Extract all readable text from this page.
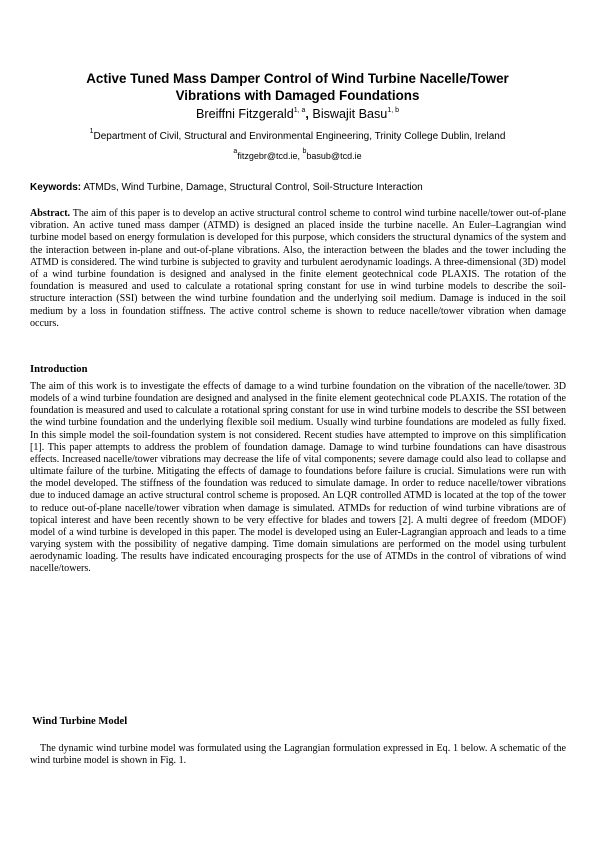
Active Tuned Mass Damper Control of Wind Turbine Nacelle/Tower
Vibrations with Damaged Foundations
Breiffni Fitzgerald$^{1, a}$, Biswajit Basu$^{1, b}$
$^1$Department of Civil, Structural and Environmental Engineering, Trinity College Dublin, Ireland
$^a$fitzgebr@tcd.ie, $^b$basub@tcd.ie
Keywords: ATMDs, Wind Turbine, Damage, Structural Control, Soil-Structure Interaction
Abstract. The aim of this paper is to develop an active structural control scheme to control wind turbine nacelle/tower out-of-plane vibration. An active tuned mass damper (ATMD) is designed an placed inside the turbine nacelle. An Euler–Lagrangian wind turbine model based on energy formulation is developed for this purpose, which considers the structural dynamics of the system and the interaction between in-plane and out-of-plane vibrations. Also, the interaction between the blades and the tower including the ATMD is considered. The wind turbine is subjected to gravity and turbulent aerodynamic loadings. A three-dimensional (3D) model of a wind turbine foundation is designed and analysed in the finite element geotechnical code PLAXIS. The rotation of the foundation is measured and used to calculate a rotational spring constant for use in wind turbine models to describe the soil-structure interaction (SSI) between the wind turbine foundation and the underlying soil medium. Damage is induced in the soil medium by a loss in foundation stiffness. The active control scheme is shown to reduce nacelle/tower vibration when damage occurs.
Introduction
The aim of this work is to investigate the effects of damage to a wind turbine foundation on the vibration of the nacelle/tower. 3D models of a wind turbine foundation are designed and analysed in the finite element geotechnical code PLAXIS. The rotation of the foundation is measured and used to calculate a rotational spring constant for use in wind turbine models to describe the SSI between the wind turbine foundation and the underlying flexible soil medium. Usually wind turbine foundations are modeled as fully fixed. In this simple model the soil-foundation system is not considered. Recent studies have attempted to improve on this simplification [1]. This paper attempts to address the problem of foundation damage. Damage to wind turbine foundations can have disastrous effects. Increased nacelle/tower vibrations may decrease the life of vital components; severe damage could also lead to collapse and ultimate failure of the turbine. Mitigating the effects of damage to foundations before failure is crucial. Simulations were run with the model developed. The stiffness of the foundation was reduced to simulate damage. In order to reduce nacelle/tower vibrations due to induced damage an active structural control scheme is proposed. An LQR controlled ATMD is located at the top of the tower to reduce out-of-plane nacelle/tower vibration when damage is simulated. ATMDs for reduction of wind turbine vibrations are of topical interest and have been recently shown to be very effective for blades and towers [2]. A multi degree of freedom (MDOF) model of a wind turbine is developed in this paper. The model is developed using an Euler-Lagrangian approach and leads to a time varying system with the possibility of negative damping. Time domain simulations are performed on the model using turbulent aerodynamic loading. The results have indicated encouraging prospects for the use of ATMDs in the control of vibrations of wind nacelle/towers.
Wind Turbine Model
The dynamic wind turbine model was formulated using the Lagrangian formulation expressed in Eq. 1 below. A schematic of the wind turbine model is shown in Fig. 1.
